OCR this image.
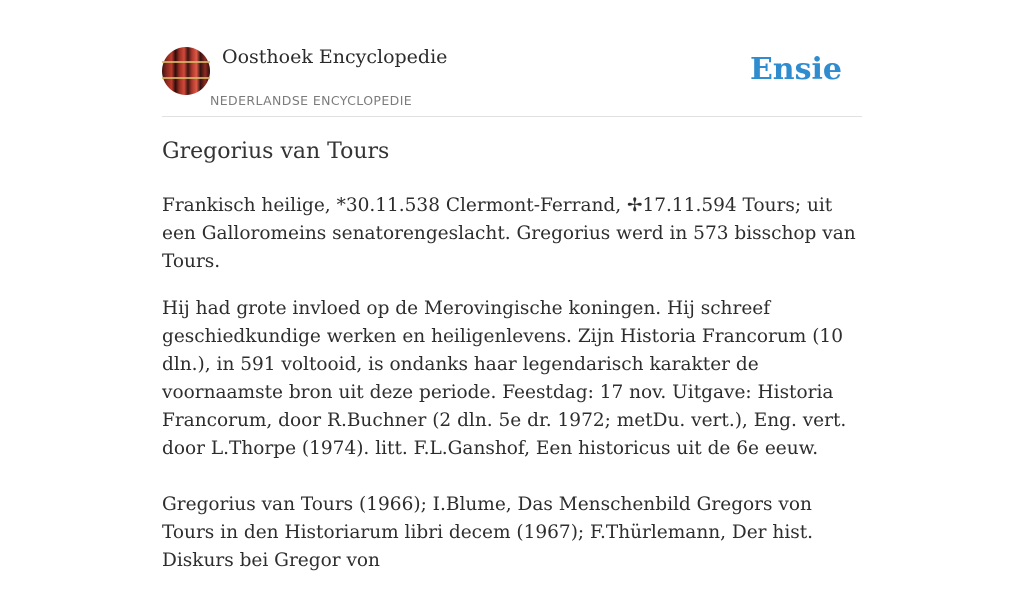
Oosthoek Encyclopedie
NEDERLANDSE ENCYCLOPEDIE
Ensie
Gregorius van Tours

Frankisch heilige, *30.11.538 Clermont-Ferrand, ✢17.11.594 Tours; uit een Galloromeins senatorengeslacht. Gregorius werd in 573 bisschop van Tours.

Hij had grote invloed op de Merovingische koningen. Hij schreef geschiedkundige werken en heiligenlevens. Zijn Historia Francorum (10 dln.), in 591 voltooid, is ondanks haar legendarisch karakter de voornaamste bron uit deze periode. Feestdag: 17 nov. Uitgave: Historia Francorum, door R.Buchner (2 dln. 5e dr. 1972; metDu. vert.), Eng. vert. door L.Thorpe (1974). litt. F.L.Ganshof, Een historicus uit de 6e eeuw.

Gregorius van Tours (1966); I.Blume, Das Menschenbild Gregors von Tours in den Historiarum libri decem (1967); F.Thürlemann, Der hist. Diskurs bei Gregor von
